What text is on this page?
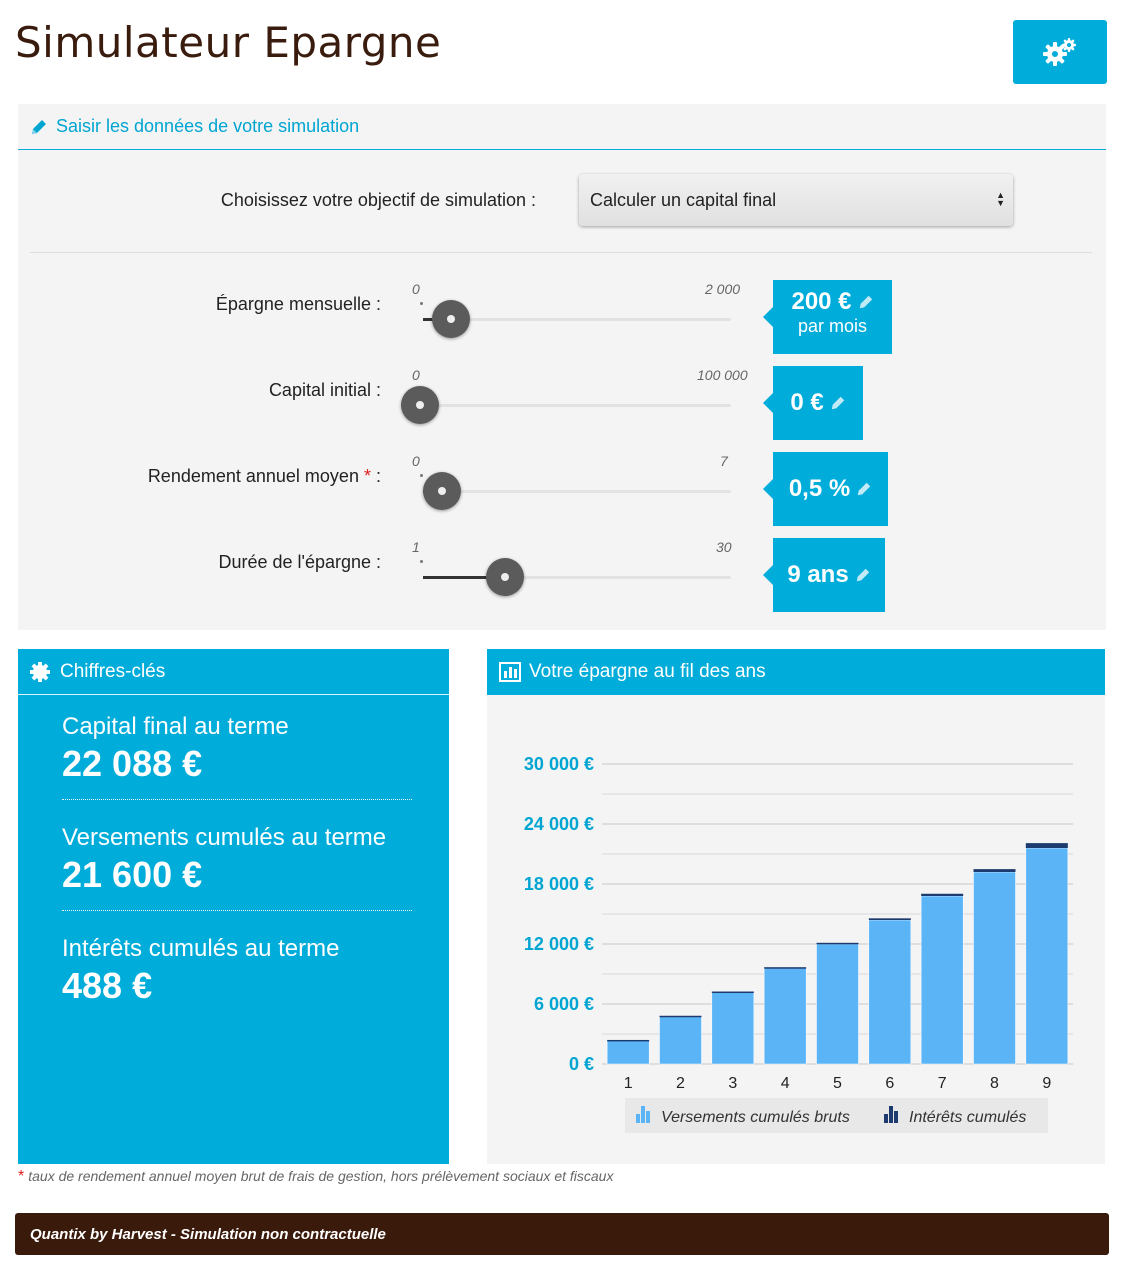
Simulateur Epargne
Saisir les données de votre simulation
Choisissez votre objectif de simulation :	Calculer un capital final	▲
▼
Épargne mensuelle :
0	2 000 200 €
par mois
Capital initial :
0	100 000
0 €
Rendement annuel moyen * :
0	7
0,5 %
Durée de l'épargne :
1	30
9 ans
Chiffres-clés
Capital final au terme
22 088 €
Versements cumulés au terme
21 600 €
Intérêts cumulés au terme
488 €
Votre épargne au fil des ans
0 €
6 000 €
12 000 €
18 000 €
24 000 €
30 000 €
1	2	3	4	5	6	7	8	9
Versements cumulés bruts	Intérêts cumulés
* taux de rendement annuel moyen brut de frais de gestion, hors prélèvement sociaux et fiscaux
Quantix by Harvest - Simulation non contractuelle
